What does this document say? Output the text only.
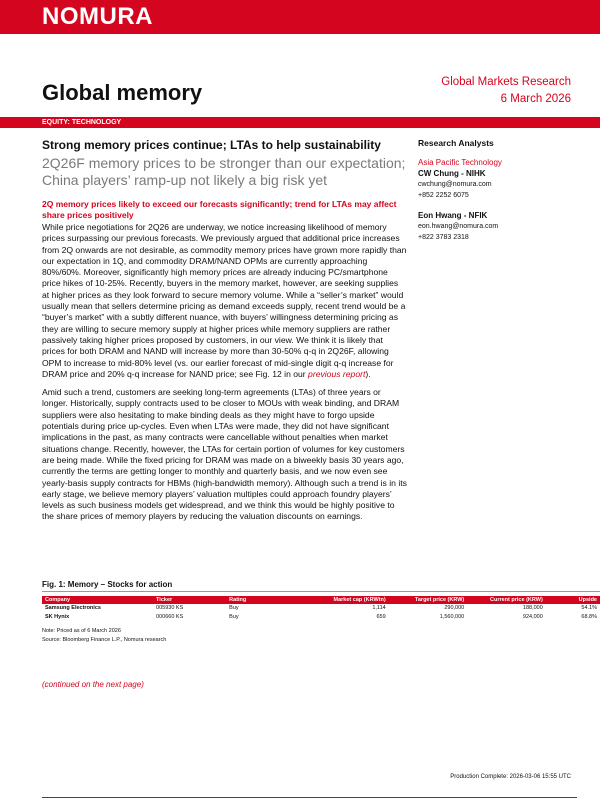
NOMURA
Global Markets Research
6 March 2026
Global memory
EQUITY: TECHNOLOGY

Strong memory prices continue; LTAs to help sustainability

2Q26F memory prices to be stronger than our expectation; China players’ ramp-up not likely a big risk yet

2Q memory prices likely to exceed our forecasts significantly; trend for LTAs may affect share prices positively

While price negotiations for 2Q26 are underway, we notice increasing likelihood of memory prices surpassing our previous forecasts. We previously argued that additional price increases from 2Q onwards are not desirable, as commodity memory prices have grown more rapidly than our expectation in 1Q, and commodity DRAM/NAND OPMs are currently approaching 80%/60%. Moreover, significantly high memory prices are already inducing PC/smartphone price hikes of 10-25%. Recently, buyers in the memory market, however, are seeking supplies at higher prices as they look forward to secure memory volume. While a “seller’s market” would usually mean that sellers determine pricing as demand exceeds supply, recent trend would be a “buyer’s market” with a subtly different nuance, with buyers’ willingness determining pricing as they are willing to secure memory supply at higher prices while memory suppliers are rather passively taking higher prices proposed by customers, in our view. We think it is likely that prices for both DRAM and NAND will increase by more than 30-50% q-q in 2Q26F, allowing OPM to increase to mid-80% level (vs. our earlier forecast of mid-single digit q-q increase for DRAM price and 20% q-q increase for NAND price; see Fig. 12 in our previous report).

Amid such a trend, customers are seeking long-term agreements (LTAs) of three years or longer. Historically, supply contracts used to be closer to MOUs with weak binding, and DRAM suppliers were also hesitating to make binding deals as they might have to forgo upside potentials during price up-cycles. Even when LTAs were made, they did not have significant implications in the past, as many contracts were cancellable without penalties when market situations change. Recently, however, the LTAs for certain portion of volumes for key customers are being made. While the fixed pricing for DRAM was made on a biweekly basis 30 years ago, currently the terms are getting longer to monthly and quarterly basis, and we now even see yearly-basis supply contracts for HBMs (high-bandwidth memory). Although such a trend is in its early stage, we believe memory players’ valuation multiples could approach foundry players’ levels as such business models get widespread, and we think this would be highly positive to the share prices of memory players by reducing the valuation discounts on earnings.

Research Analysts

Asia Pacific Technology

CW Chung - NIHK

cwchung@nomura.com

+852 2252 6075

Eon Hwang - NFIK

eon.hwang@nomura.com

+822 3783 2318

Fig. 1: Memory – Stocks for action

Company	Ticker	Rating	Market cap (KRWtn)	Target price (KRW)	Current price (KRW)	Upside
Samsung Electronics	005930 KS	Buy	1,114	290,000	188,000	54.1%
SK Hynix	000660 KS	Buy	659	1,560,000	924,000	68.8%

Note: Priced as of 6 March 2026

Source: Bloomberg Finance L.P., Nomura research

(continued on the next page)
Production Complete: 2026-03-06 15:55 UTC
